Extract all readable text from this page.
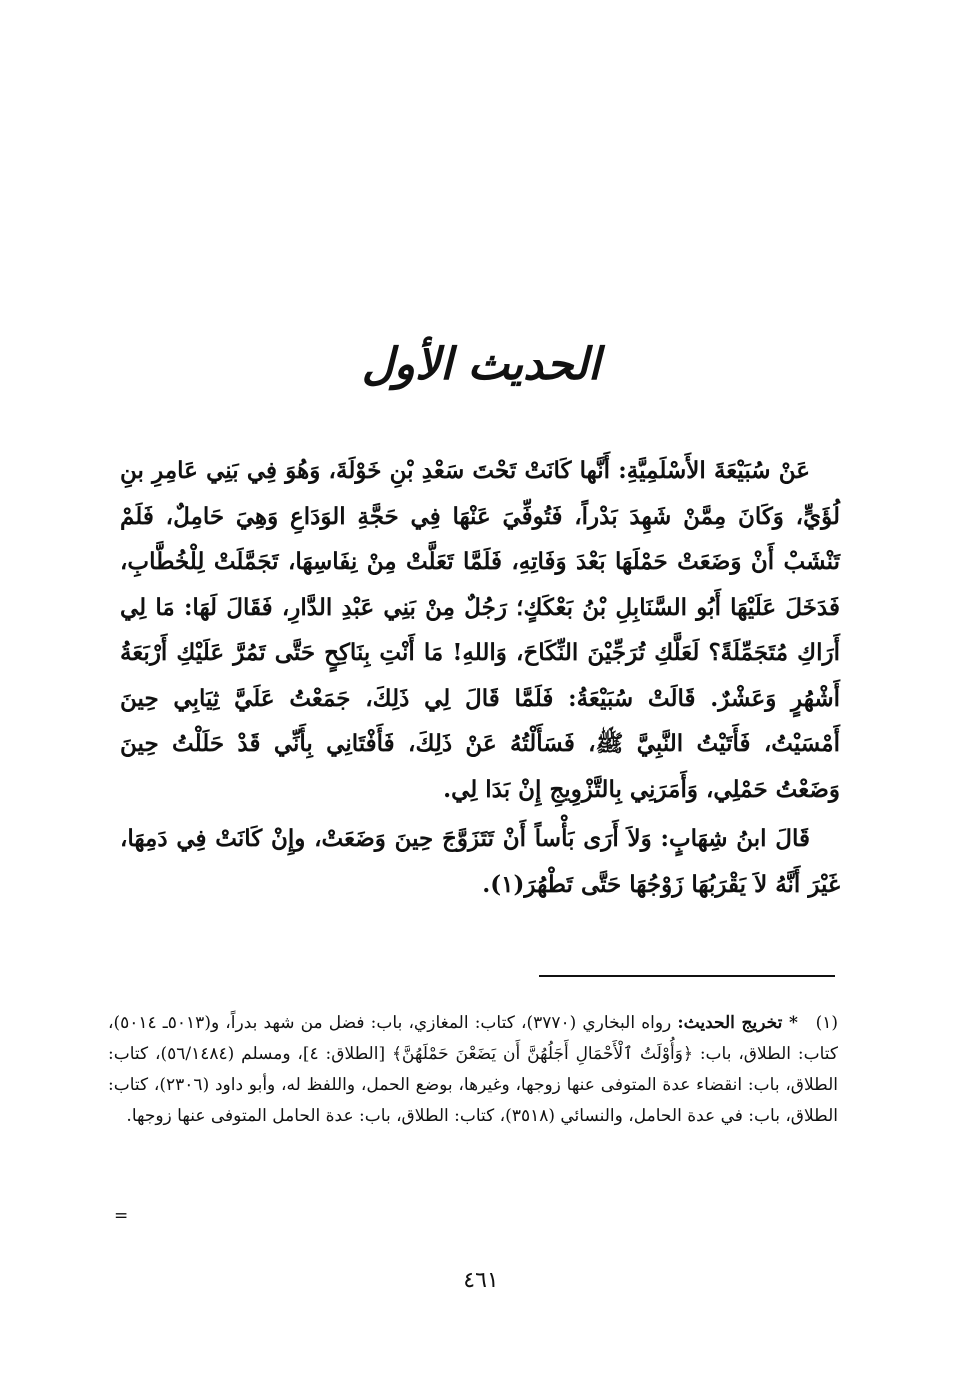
الحديث الأول

عَنْ سُبَيْعَةَ الأَسْلَمِيَّةِ: أَنَّها كَانَتْ تَحْتَ سَعْدِ بْنِ خَوْلَةَ، وَهُوَ فِي بَنِي عَامِرِ بنِ لُؤَيٍّ، وَكَانَ مِمَّنْ شَهِدَ بَدْراً، فَتُوفِّيَ عَنْهَا فِي حَجَّةِ الوَدَاعِ وَهِيَ حَامِلٌ، فَلَمْ تَنْشَبْ أَنْ وَضَعَتْ حَمْلَهَا بَعْدَ وَفَاتِهِ، فَلَمَّا تَعَلَّتْ مِنْ نِفَاسِهَا، تَجَمَّلَتْ لِلْخُطَّابِ، فَدَخَلَ عَلَيْهَا أَبُو السَّنَابِلِ بْنُ بَعْكَكٍ؛ رَجُلٌ مِنْ بَنِي عَبْدِ الدَّارِ، فَقَالَ لَهَا: مَا لِي أَرَاكِ مُتَجَمِّلَةً؟ لَعَلَّكِ تُرَجِّيْنَ النِّكَاحَ، وَاللهِ! مَا أَنْتِ بِنَاكِحٍ حَتَّى تَمُرَّ عَلَيْكِ أَرْبَعَةُ أَشْهُرٍ وَعَشْرٌ. قَالَتْ سُبَيْعَةُ: فَلَمَّا قَالَ لِي ذَلِكَ، جَمَعْتُ عَلَيَّ ثِيَابِي حِينَ أَمْسَيْتُ، فَأَتَيْتُ النَّبِيَّ ﷺ، فَسَأَلْتُهُ عَنْ ذَلِكَ، فَأَفْتَانِي بِأَنِّي قَدْ حَلَلْتُ حِينَ وَضَعْتُ حَمْلِي، وَأَمَرَنِي بِالتَّزْوِيجِ إِنْ بَدَا لِي.

قَالَ ابنُ شِهَابٍ: وَلاَ أَرَى بَأْساً أَنْ تَتَزَوَّجَ حِينَ وَضَعَتْ، وإِنْ كَانَتْ فِي دَمِهَا، غَيْرَ أَنَّهُ لاَ يَقْرَبُهَا زَوْجُهَا حَتَّى تَطْهُرَ(١).

(١) * تخريج الحديث: رواه البخاري (٣٧٧٠)، كتاب: المغازي، باب: فضل من شهد بدراً، و(٥٠١٣ـ ٥٠١٤)، كتاب: الطلاق، باب: ﴿وَأُوْلَتُ ٱلْأَحْمَالِ أَجَلُهُنَّ أَن يَضَعْنَ حَمْلَهُنَّ﴾ [الطلاق: ٤]، ومسلم (٥٦/١٤٨٤)، كتاب: الطلاق، باب: انقضاء عدة المتوفى عنها زوجها، وغيرها، بوضع الحمل، واللفظ له، وأبو داود (٢٣٠٦)، كتاب: الطلاق، باب: في عدة الحامل، والنسائي (٣٥١٨)، كتاب: الطلاق، باب: عدة الحامل المتوفى عنها زوجها.
=
٤٦١
